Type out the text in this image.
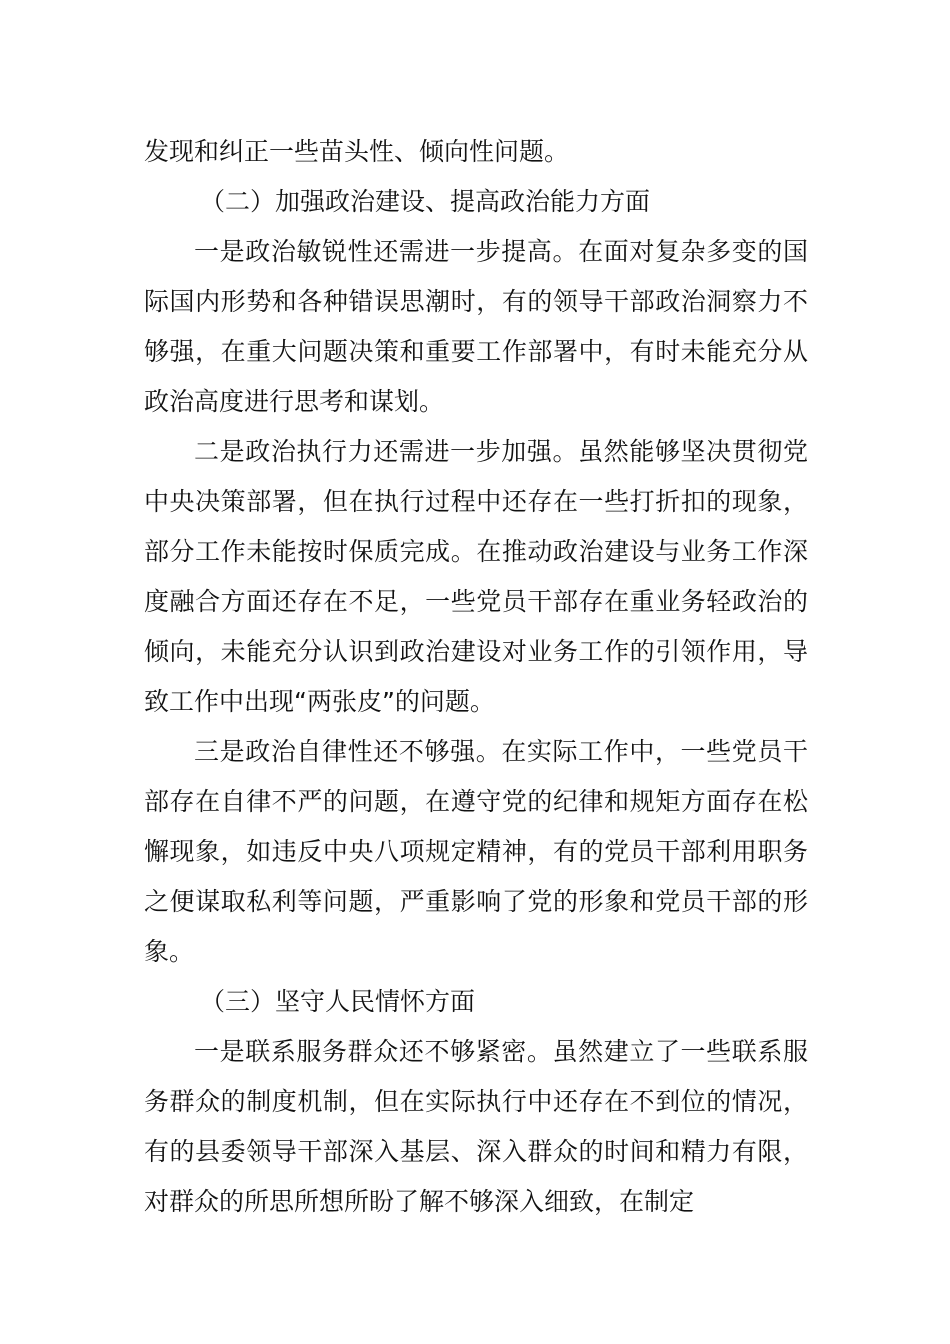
发现和纠正一些苗头性、倾向性问题。

（二）加强政治建设、提高政治能力方面

一是政治敏锐性还需进一步提高。在面对复杂多变的国际国内形势和各种错误思潮时，有的领导干部政治洞察力不够强，在重大问题决策和重要工作部署中，有时未能充分从政治高度进行思考和谋划。

二是政治执行力还需进一步加强。虽然能够坚决贯彻党中央决策部署，但在执行过程中还存在一些打折扣的现象，部分工作未能按时保质完成。在推动政治建设与业务工作深度融合方面还存在不足，一些党员干部存在重业务轻政治的倾向，未能充分认识到政治建设对业务工作的引领作用，导致工作中出现“两张皮”的问题。

三是政治自律性还不够强。在实际工作中，一些党员干部存在自律不严的问题，在遵守党的纪律和规矩方面存在松懈现象，如违反中央八项规定精神，有的党员干部利用职务之便谋取私利等问题，严重影响了党的形象和党员干部的形象。

（三）坚守人民情怀方面

一是联系服务群众还不够紧密。虽然建立了一些联系服务群众的制度机制，但在实际执行中还存在不到位的情况，有的县委领导干部深入基层、深入群众的时间和精力有限，对群众的所思所想所盼了解不够深入细致，在制定
